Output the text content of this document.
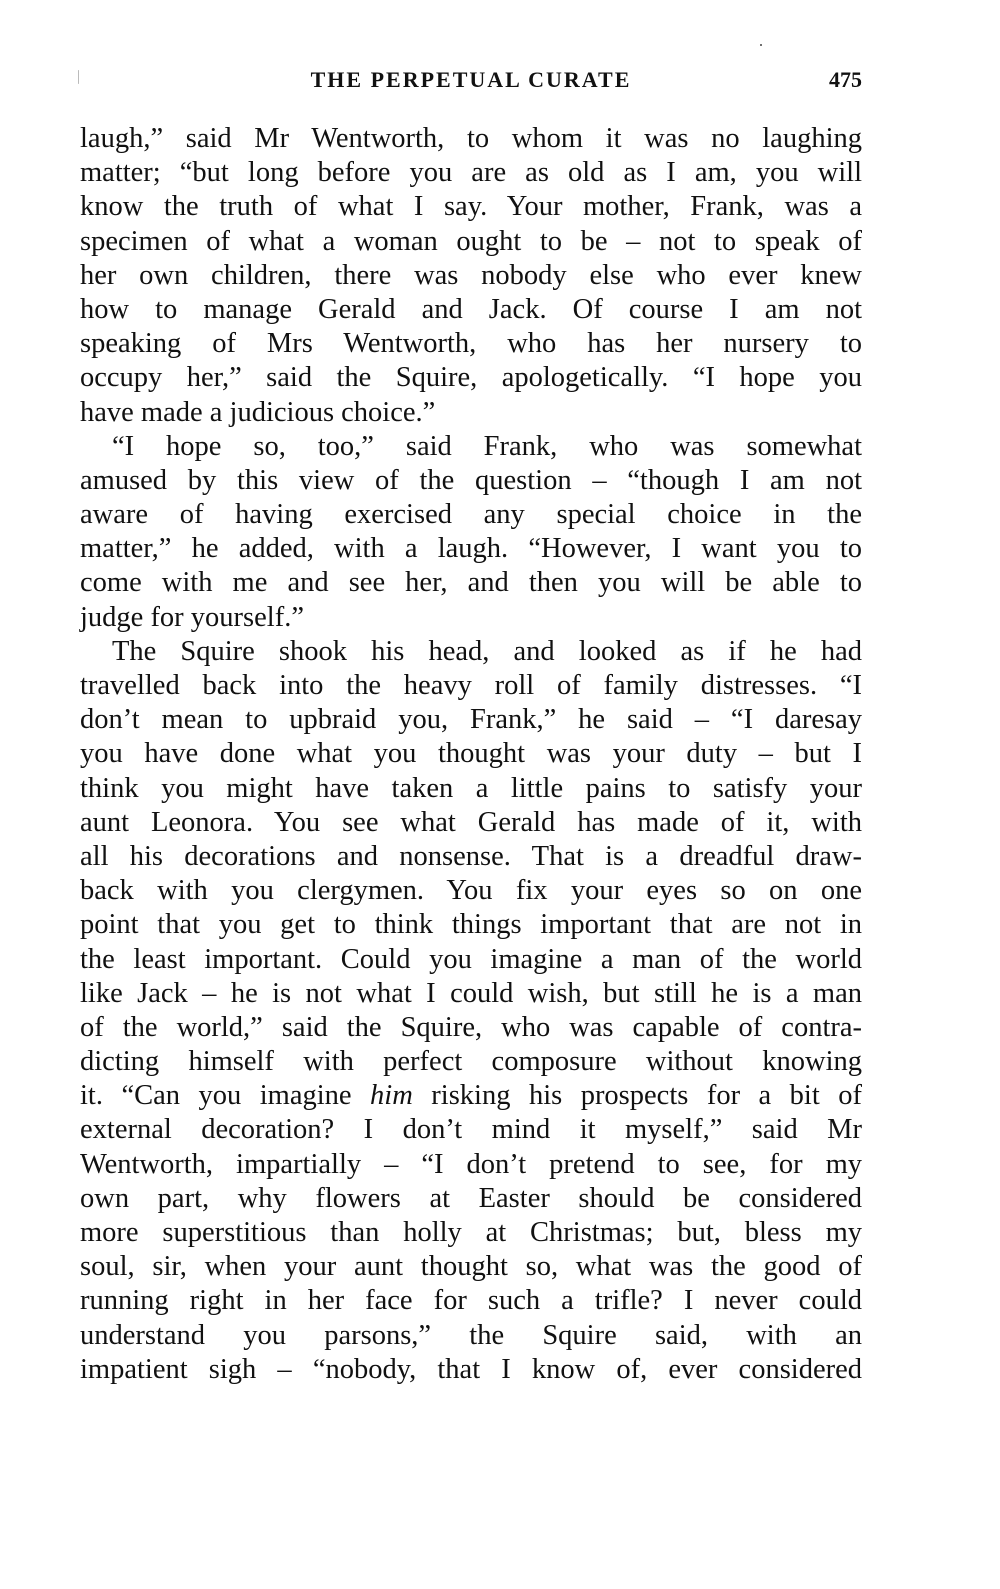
THE PERPETUAL CURATE	475
laugh,” said Mr Wentworth, to whom it was no laughing
matter; “but long before you are as old as I am, you will
know the truth of what I say. Your mother, Frank, was a
specimen of what a woman ought to be – not to speak of
her own children, there was nobody else who ever knew
how to manage Gerald and Jack. Of course I am not
speaking of Mrs Wentworth, who has her nursery to
occupy her,” said the Squire, apologetically. “I hope you
have made a judicious choice.”
“I hope so, too,” said Frank, who was somewhat
amused by this view of the question – “though I am not
aware of having exercised any special choice in the
matter,” he added, with a laugh. “However, I want you to
come with me and see her, and then you will be able to
judge for yourself.”
The Squire shook his head, and looked as if he had
travelled back into the heavy roll of family distresses. “I
don’t mean to upbraid you, Frank,” he said – “I daresay
you have done what you thought was your duty – but I
think you might have taken a little pains to satisfy your
aunt Leonora. You see what Gerald has made of it, with
all his decorations and nonsense. That is a dreadful draw-
back with you clergymen. You fix your eyes so on one
point that you get to think things important that are not in
the least important. Could you imagine a man of the world
like Jack – he is not what I could wish, but still he is a man
of the world,” said the Squire, who was capable of contra-
dicting himself with perfect composure without knowing
it. “Can you imagine him risking his prospects for a bit of
external decoration? I don’t mind it myself,” said Mr
Wentworth, impartially – “I don’t pretend to see, for my
own part, why flowers at Easter should be considered
more superstitious than holly at Christmas; but, bless my
soul, sir, when your aunt thought so, what was the good of
running right in her face for such a trifle? I never could
understand you parsons,” the Squire said, with an
impatient sigh – “nobody, that I know of, ever considered
